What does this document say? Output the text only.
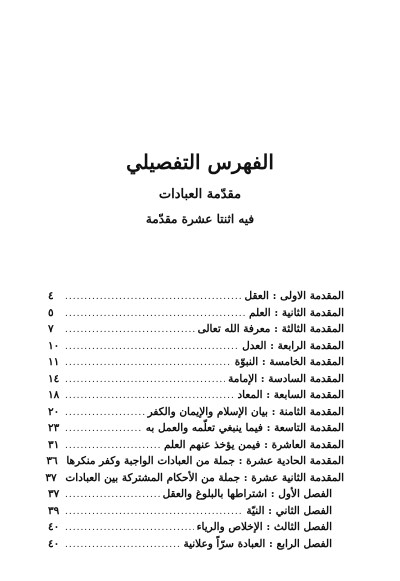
الفهرس التفصيلي
مقدّمة العبادات
فيه اثنتا عشرة مقدّمة
المقدمة الاولى : العقل
.....
٤
المقدمة الثانية : العلم
.....
٥
المقدمة الثالثة : معرفة الله تعالى
.....
٧
المقدمة الرابعة : العدل
.....
١٠
المقدمة الخامسة : النبوّة
.....
١١
المقدمة السادسة : الإمامة
.....
١٤
المقدمة السابعة : المعاد
.....
١٨
المقدمة الثامنة : بيان الإسلام والإيمان والكفر
.....
٢٠
المقدمة التاسعة : فيما ينبغي تعلّمه والعمل به
.....
٢٣
المقدمة العاشرة : فيمن يؤخذ عنهم العلم
.....
٣١
المقدمة الحادية عشرة : جملة من العبادات الواجبة وكفر منكرها
٣٦
المقدمة الثانية عشرة : جملة من الأحكام المشتركة بين العبادات
٣٧
الفصل الأول : اشتراطها بالبلوغ والعقل
.....
٣٧
الفصل الثاني : النيّة
.....
٣٩
الفصل الثالث : الإخلاص والرياء
.....
٤٠
الفصل الرابع : العبادة سرّاً وعلانية
.....
٤٠
